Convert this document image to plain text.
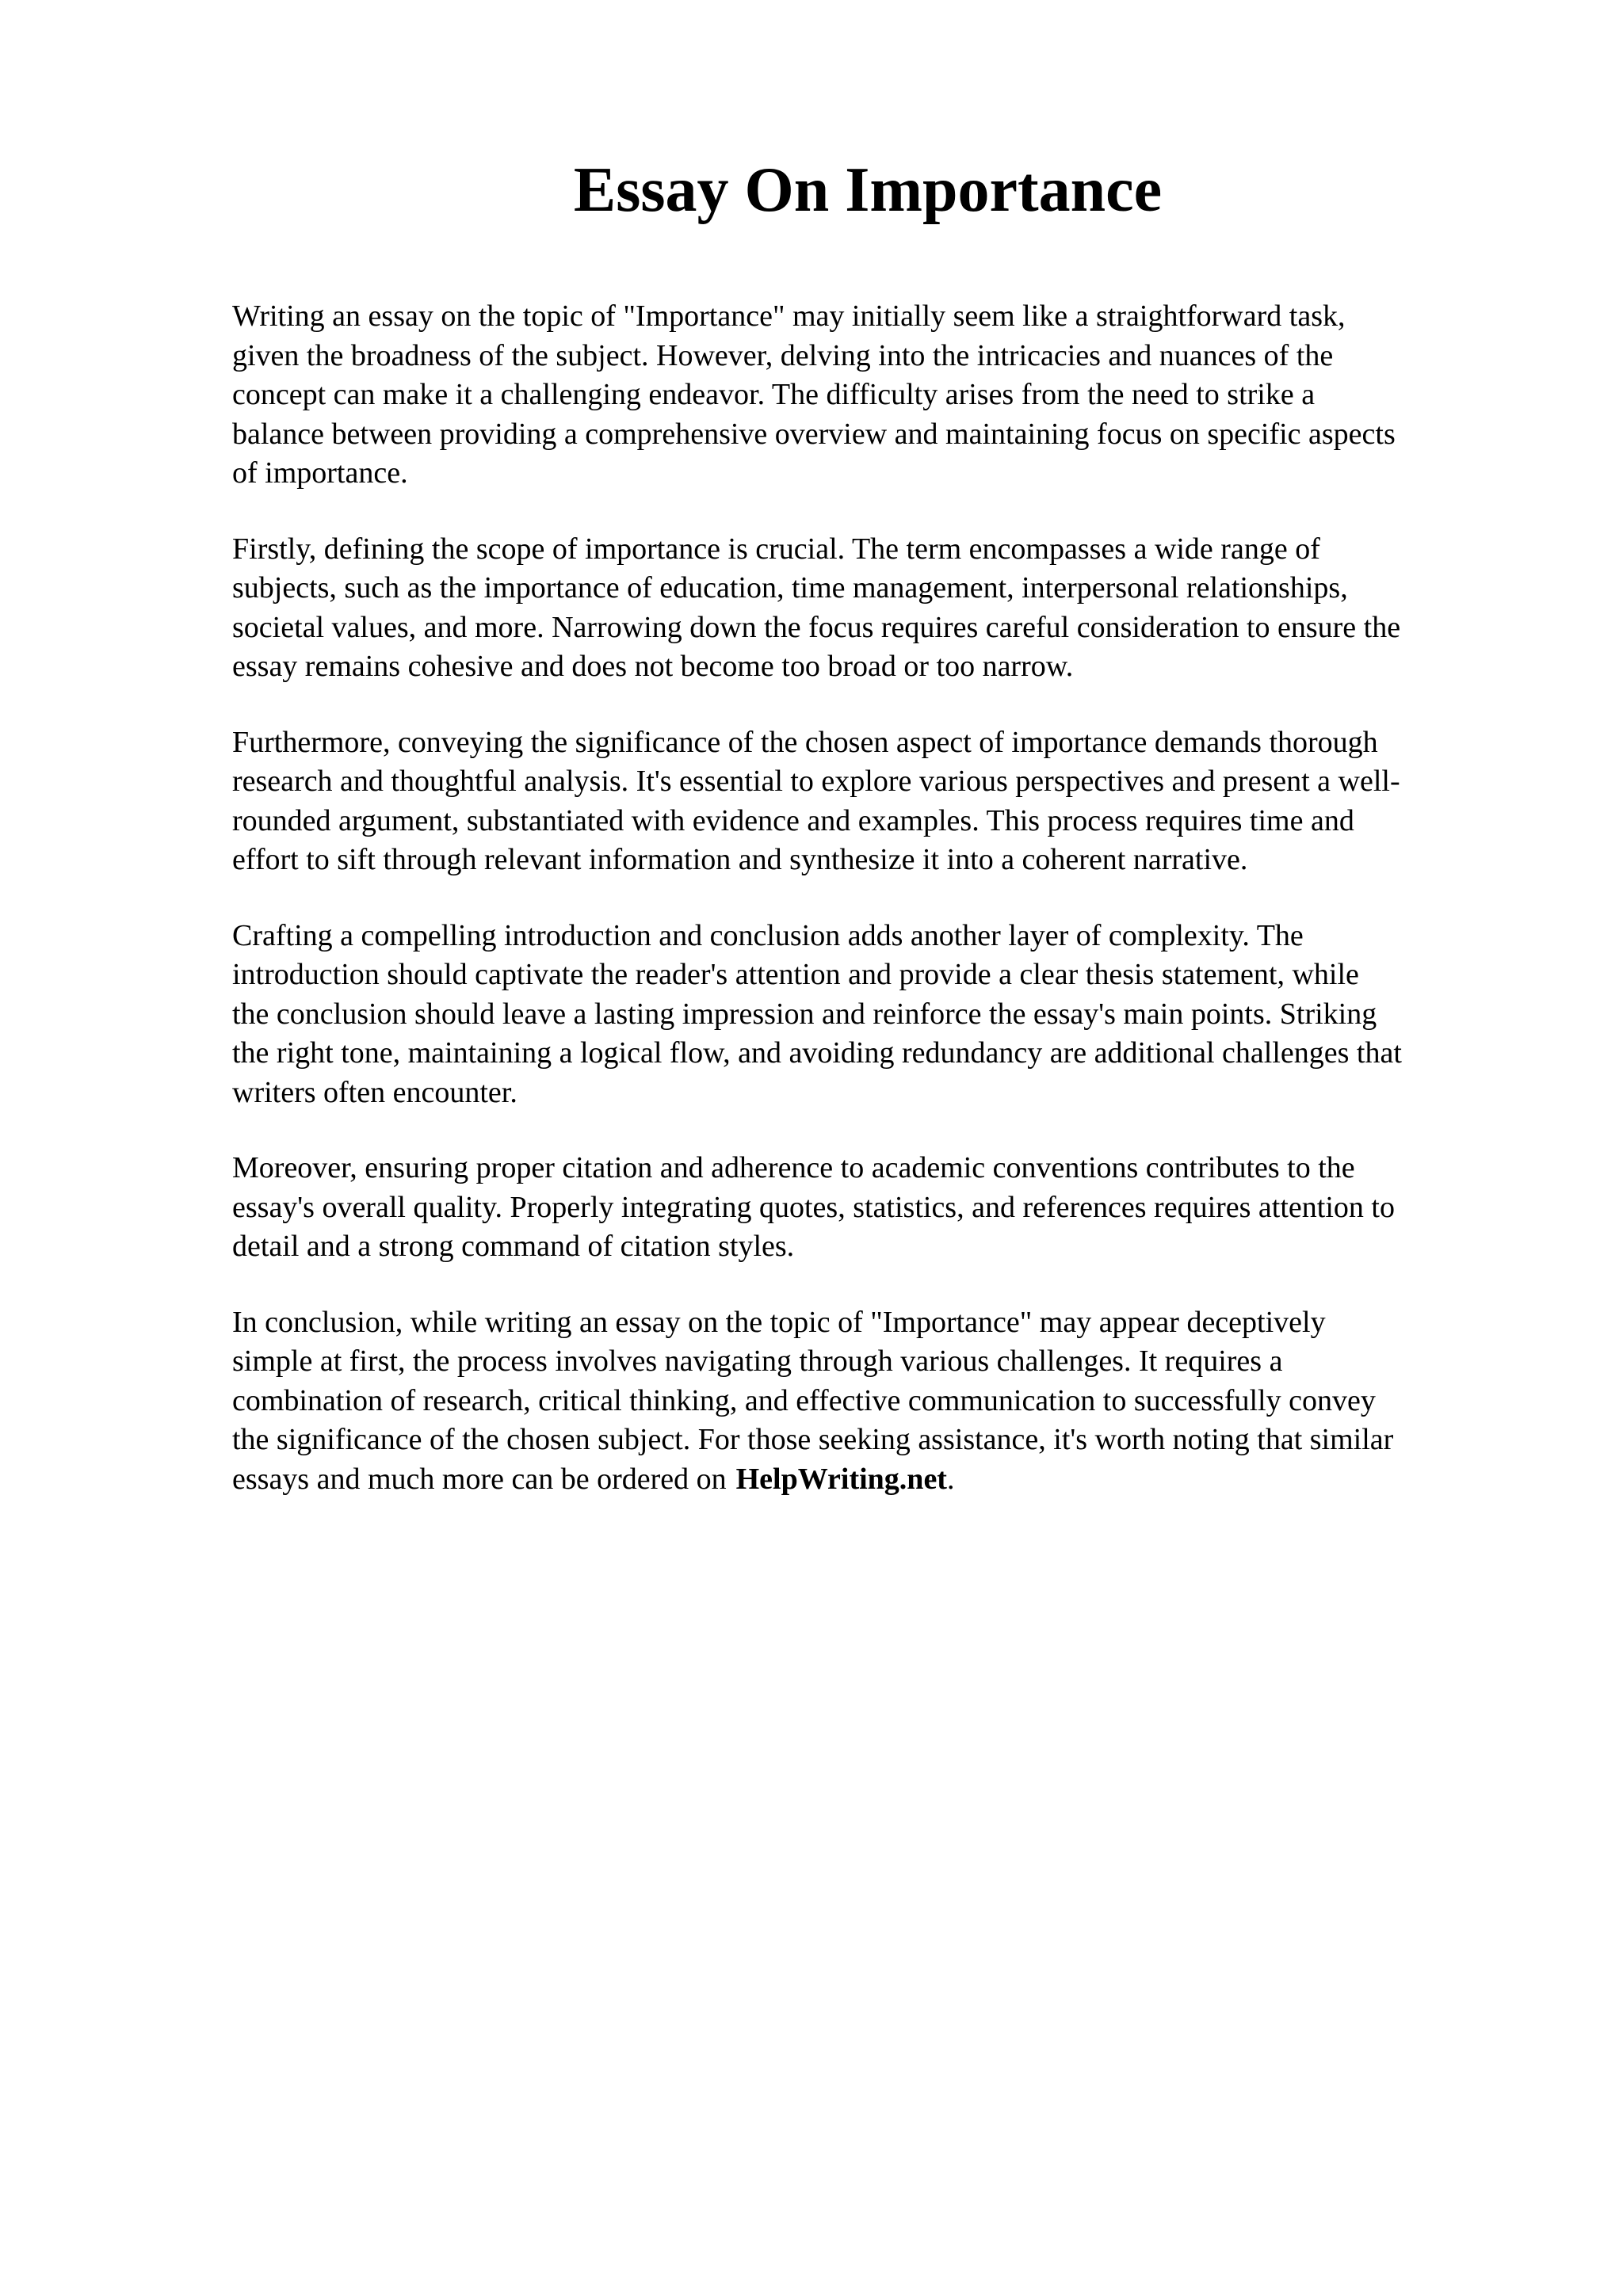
Essay On Importance

Writing an essay on the topic of "Importance" may initially seem like a straightforward task,
given the broadness of the subject. However, delving into the intricacies and nuances of the
concept can make it a challenging endeavor. The difficulty arises from the need to strike a
balance between providing a comprehensive overview and maintaining focus on specific aspects
of importance.

Firstly, defining the scope of importance is crucial. The term encompasses a wide range of
subjects, such as the importance of education, time management, interpersonal relationships,
societal values, and more. Narrowing down the focus requires careful consideration to ensure the
essay remains cohesive and does not become too broad or too narrow.

Furthermore, conveying the significance of the chosen aspect of importance demands thorough
research and thoughtful analysis. It's essential to explore various perspectives and present a well-
rounded argument, substantiated with evidence and examples. This process requires time and
effort to sift through relevant information and synthesize it into a coherent narrative.

Crafting a compelling introduction and conclusion adds another layer of complexity. The
introduction should captivate the reader's attention and provide a clear thesis statement, while
the conclusion should leave a lasting impression and reinforce the essay's main points. Striking
the right tone, maintaining a logical flow, and avoiding redundancy are additional challenges that
writers often encounter.

Moreover, ensuring proper citation and adherence to academic conventions contributes to the
essay's overall quality. Properly integrating quotes, statistics, and references requires attention to
detail and a strong command of citation styles.

In conclusion, while writing an essay on the topic of "Importance" may appear deceptively
simple at first, the process involves navigating through various challenges. It requires a
combination of research, critical thinking, and effective communication to successfully convey
the significance of the chosen subject. For those seeking assistance, it's worth noting that similar
essays and much more can be ordered on HelpWriting.net.
